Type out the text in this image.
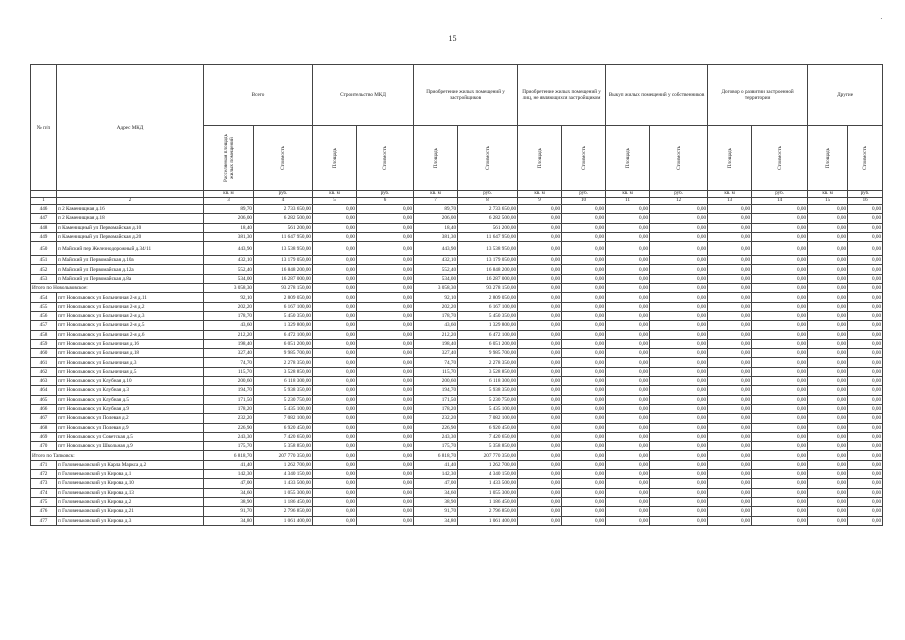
15
№ п/п	Адрес МКД	Всего		Строительство МКД		Приобретение жилых помещений у застройщиков		Приобретение жилых помещений у лиц, не являющихся застройщиком		Выкуп жилых помещений у собственников		Договор о развитии застроенной территории		Другие	

		Расселяемая площадь жилых помещений	Стоимость	Площадь	Стоимость	Площадь	Стоимость	Площадь	Стоимость	Площадь	Стоимость	Площадь	Стоимость	Площадь	Стоимость

		кв. м	руб.	кв. м	руб.	кв. м	руб.	кв. м	руб.	кв. м	руб.	кв. м	руб.	кв. м	руб.
1	2	3	4	5	6	7	8	9	10	11	12	13	14	15	16
446	п 2 Каменищная д.16	89,70	2 733 650,00	0,00	0,00	89,70	2 733 650,00	0,00	0,00	0,00	0,00	0,00	0,00	0,00	0,00
447	п 2 Каменищная д.18	206,00	6 282 500,00	0,00	0,00	206,00	6 282 500,00	0,00	0,00	0,00	0,00	0,00	0,00	0,00	0,00
448	п Каменищный ул Первомайская д.10	18,40	561 200,00	0,00	0,00	18,40	561 200,00	0,00	0,00	0,00	0,00	0,00	0,00	0,00	0,00
449	п Каменищный ул Первомайская д.20	381,30	11 647 950,00	0,00	0,00	381,30	11 647 950,00	0,00	0,00	0,00	0,00	0,00	0,00	0,00	0,00
450	п Майский пер Железнодорожный д.34/11	443,90	13 538 950,00	0,00	0,00	443,90	13 538 950,00	0,00	0,00	0,00	0,00	0,00	0,00	0,00	0,00
451	п Майский ул Первомайская д.10а	432,10	13 179 050,00	0,00	0,00	432,10	13 179 050,00	0,00	0,00	0,00	0,00	0,00	0,00	0,00	0,00
452	п Майский ул Первомайская д.12а	552,40	16 848 200,00	0,00	0,00	552,40	16 848 200,00	0,00	0,00	0,00	0,00	0,00	0,00	0,00	0,00
453	п Майский ул Первомайская д.8а	534,00	16 287 000,00	0,00	0,00	534,00	16 287 000,00	0,00	0,00	0,00	0,00	0,00	0,00	0,00	0,00
Итого по Новольвовское:		3 058,30	93 278 150,00	0,00	0,00	3 058,30	93 278 150,00	0,00	0,00	0,00	0,00	0,00	0,00	0,00	0,00
454	пгт Новольвовск ул Больничная 2-я д.11	92,10	2 809 050,00	0,00	0,00	92,10	2 809 050,00	0,00	0,00	0,00	0,00	0,00	0,00	0,00	0,00
455	пгт Новольвовск ул Больничная 2-я д.2	202,20	6 167 100,00	0,00	0,00	202,20	6 167 100,00	0,00	0,00	0,00	0,00	0,00	0,00	0,00	0,00
456	пгт Новольвовск ул Больничная 2-я д.3	178,70	5 450 350,00	0,00	0,00	178,70	5 450 350,00	0,00	0,00	0,00	0,00	0,00	0,00	0,00	0,00
457	пгт Новольвовск ул Больничная 2-я д.5	43,60	1 329 800,00	0,00	0,00	43,60	1 329 800,00	0,00	0,00	0,00	0,00	0,00	0,00	0,00	0,00
458	пгт Новольвовск ул Больничная 2-я д.6	212,20	6 472 100,00	0,00	0,00	212,20	6 472 100,00	0,00	0,00	0,00	0,00	0,00	0,00	0,00	0,00
459	пгт Новольвовск ул Больничная д.16	198,40	6 051 200,00	0,00	0,00	198,40	6 051 200,00	0,00	0,00	0,00	0,00	0,00	0,00	0,00	0,00
460	пгт Новольвовск ул Больничная д.18	327,40	9 985 700,00	0,00	0,00	327,40	9 985 700,00	0,00	0,00	0,00	0,00	0,00	0,00	0,00	0,00
461	пгт Новольвовск ул Больничная д.3	74,70	2 278 350,00	0,00	0,00	74,70	2 278 350,00	0,00	0,00	0,00	0,00	0,00	0,00	0,00	0,00
462	пгт Новольвовск ул Больничная д.5	115,70	3 528 850,00	0,00	0,00	115,70	3 528 850,00	0,00	0,00	0,00	0,00	0,00	0,00	0,00	0,00
463	пгт Новольвовск ул Клубная д.10	200,60	6 118 300,00	0,00	0,00	200,60	6 118 300,00	0,00	0,00	0,00	0,00	0,00	0,00	0,00	0,00
464	пгт Новольвовск ул Клубная д.3	194,70	5 938 350,00	0,00	0,00	194,70	5 938 350,00	0,00	0,00	0,00	0,00	0,00	0,00	0,00	0,00
465	пгт Новольвовск ул Клубная д.5	171,50	5 230 750,00	0,00	0,00	171,50	5 230 750,00	0,00	0,00	0,00	0,00	0,00	0,00	0,00	0,00
466	пгт Новольвовск ул Клубная д.9	178,20	5 435 100,00	0,00	0,00	178,20	5 435 100,00	0,00	0,00	0,00	0,00	0,00	0,00	0,00	0,00
467	пгт Новольвовск ул Полевая д.2	232,20	7 082 100,00	0,00	0,00	232,20	7 082 100,00	0,00	0,00	0,00	0,00	0,00	0,00	0,00	0,00
468	пгт Новольвовск ул Полевая д.9	226,90	6 920 450,00	0,00	0,00	226,90	6 920 450,00	0,00	0,00	0,00	0,00	0,00	0,00	0,00	0,00
469	пгт Новольвовск ул Советская д.5	243,30	7 420 650,00	0,00	0,00	243,30	7 420 650,00	0,00	0,00	0,00	0,00	0,00	0,00	0,00	0,00
470	пгт Новольвовск ул Школьная д.9	175,70	5 358 850,00	0,00	0,00	175,70	5 358 850,00	0,00	0,00	0,00	0,00	0,00	0,00	0,00	0,00
Итого по Тапковск:		6 818,70	207 770 350,00	0,00	0,00	6 818,70	207 770 350,00	0,00	0,00	0,00	0,00	0,00	0,00	0,00	0,00
471	п Головеньковский ул Карла Маркса д.2	41,40	1 262 700,00	0,00	0,00	41,40	1 262 700,00	0,00	0,00	0,00	0,00	0,00	0,00	0,00	0,00
472	п Головеньковский ул Кирова д.1	142,30	4 340 150,00	0,00	0,00	142,30	4 340 150,00	0,00	0,00	0,00	0,00	0,00	0,00	0,00	0,00
473	п Головеньковский ул Кирова д.10	47,00	1 433 500,00	0,00	0,00	47,00	1 433 500,00	0,00	0,00	0,00	0,00	0,00	0,00	0,00	0,00
474	п Головеньковский ул Кирова д.13	34,60	1 055 300,00	0,00	0,00	34,60	1 055 300,00	0,00	0,00	0,00	0,00	0,00	0,00	0,00	0,00
475	п Головеньковский ул Кирова д.2	38,90	1 186 450,00	0,00	0,00	38,90	1 186 450,00	0,00	0,00	0,00	0,00	0,00	0,00	0,00	0,00
476	п Головеньковский ул Кирова д.21	91,70	2 796 850,00	0,00	0,00	91,70	2 796 850,00	0,00	0,00	0,00	0,00	0,00	0,00	0,00	0,00
477	п Головеньковский ул Кирова д.3	34,80	1 061 400,00	0,00	0,00	34,80	1 061 400,00	0,00	0,00	0,00	0,00	0,00	0,00	0,00	0,00
·
